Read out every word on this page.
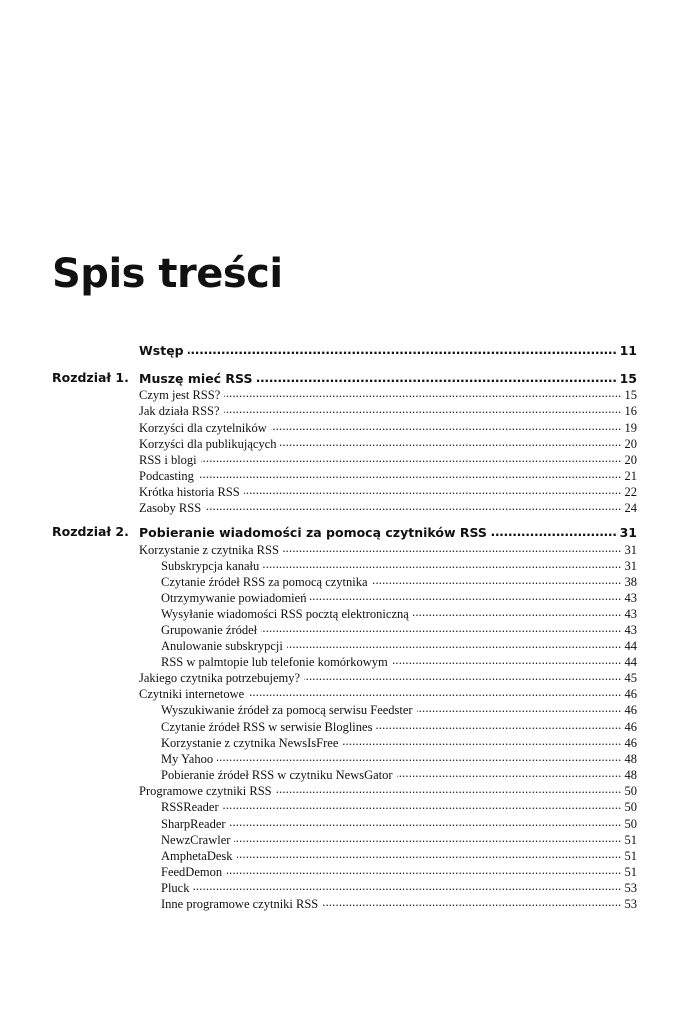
Spis treści
Wstęp .....	11
Rozdział 1. Muszę mieć RSS .....	15
Czym jest RSS? .....	15
Jak działa RSS? .....	16
Korzyści dla czytelników .....	19
Korzyści dla publikujących .....	20
RSS i blogi .....	20
Podcasting .....	21
Krótka historia RSS .....	22
Zasoby RSS .....	24
Rozdział 2. Pobieranie wiadomości za pomocą czytników RSS .....	31
Korzystanie z czytnika RSS .....	31
Subskrypcja kanału .....	31
Czytanie źródeł RSS za pomocą czytnika .....	38
Otrzymywanie powiadomień .....	43
Wysyłanie wiadomości RSS pocztą elektroniczną .....	43
Grupowanie źródeł .....	43
Anulowanie subskrypcji .....	44
RSS w palmtopie lub telefonie komórkowym .....	44
Jakiego czytnika potrzebujemy? .....	45
Czytniki internetowe .....	46
Wyszukiwanie źródeł za pomocą serwisu Feedster .....	46
Czytanie źródeł RSS w serwisie Bloglines .....	46
Korzystanie z czytnika NewsIsFree .....	46
My Yahoo .....	48
Pobieranie źródeł RSS w czytniku NewsGator .....	48
Programowe czytniki RSS .....	50
RSSReader .....	50
SharpReader .....	50
NewzCrawler .....	51
AmphetaDesk .....	51
FeedDemon .....	51
Pluck .....	53
Inne programowe czytniki RSS .....	53
